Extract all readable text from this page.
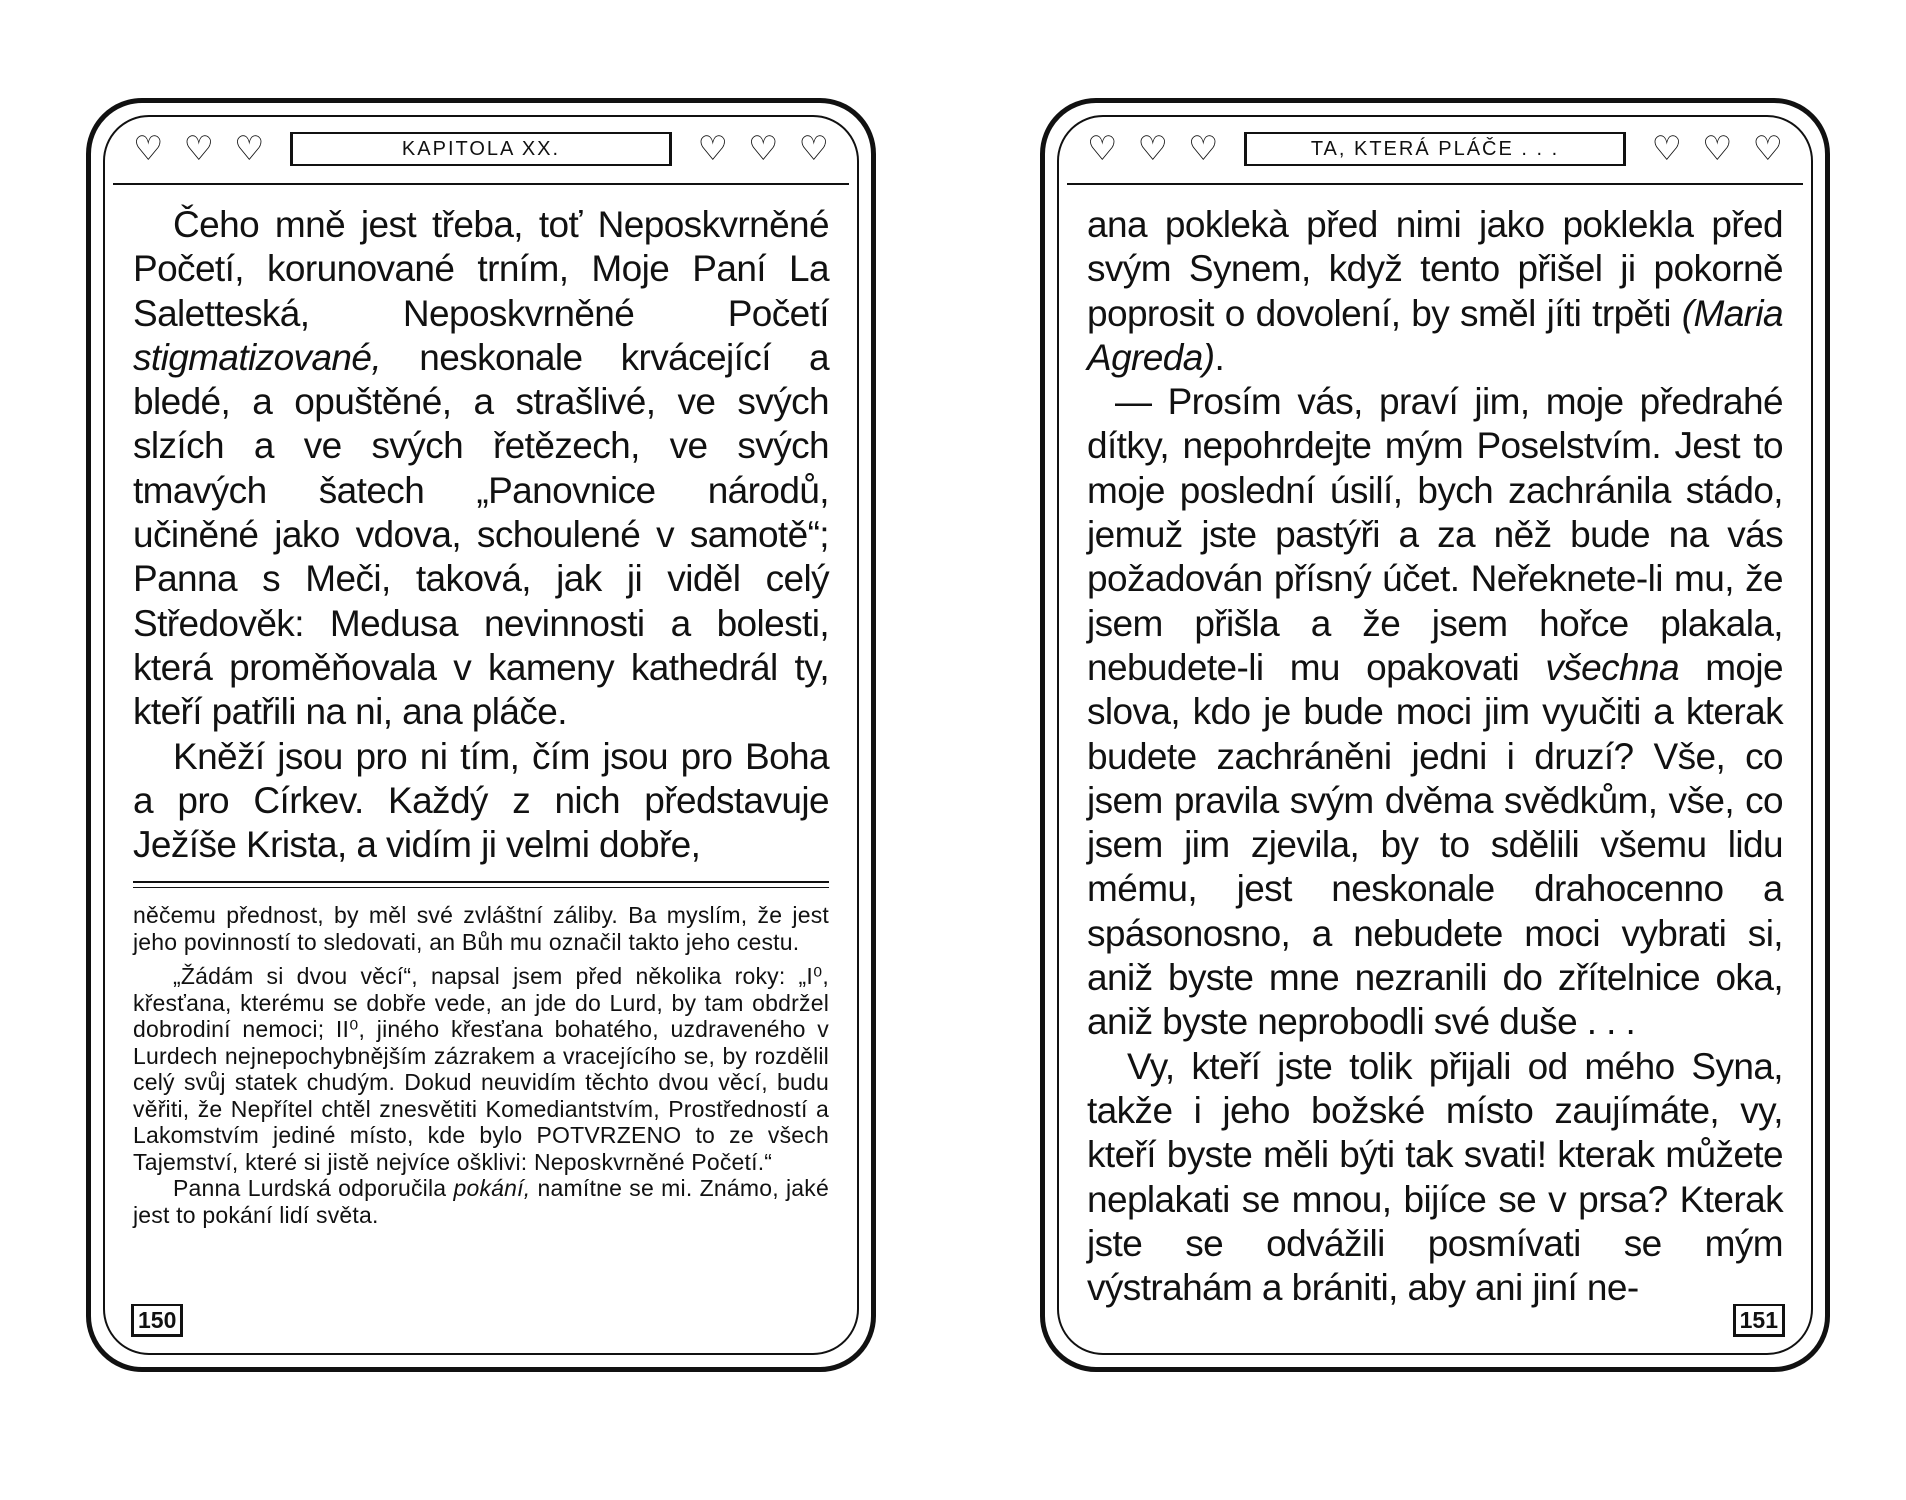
♡ ♡ ♡	KAPITOLA XX.	♡ ♡ ♡

Čeho mně jest třeba, toť Neposkvrněné Početí, korunované trním, Moje Paní La Saletteská, Neposkvrněné Početí stigmatizované, neskonale krvácející a bledé, a opuštěné, a strašlivé, ve svých slzích a ve svých řetězech, ve svých tmavých šatech „Panovnice národů, učiněné jako vdova, schoulené v samotě“; Panna s Meči, taková, jak ji viděl celý Středověk: Medusa nevinnosti a bolesti, která proměňovala v kameny kathedrál ty, kteří patřili na ni, ana pláče.

Kněží jsou pro ni tím, čím jsou pro Boha a pro Církev. Každý z nich představuje Ježíše Krista, a vidím ji velmi dobře,

něčemu přednost, by měl své zvláštní záliby. Ba myslím, že jest jeho povinností to sledovati, an Bůh mu označil takto jeho cestu.

„Žádám si dvou věcí“, napsal jsem před několika roky: „I⁰, křesťana, kterému se dobře vede, an jde do Lurd, by tam obdržel dobrodiní nemoci; II⁰, jiného křesťana bohatého, uzdraveného v Lurdech nejnepochybnějším zázrakem a vracejícího se, by rozdělil celý svůj statek chudým. Dokud neuvidím těchto dvou věcí, budu věřiti, že Nepřítel chtěl znesvětiti Komediantstvím, Prostředností a Lakomstvím jediné místo, kde bylo POTVRZENO to ze všech Tajemství, které si jistě nejvíce ošklivi: Neposkvrněné Početí.“

Panna Lurdská odporučila pokání, namítne se mi. Známo, jaké jest to pokání lidí světa.

150
♡ ♡ ♡	TA, KTERÁ PLÁČE . . .	♡ ♡ ♡

ana poklekà před nimi jako poklekla před svým Synem, když tento přišel ji pokorně poprosit o dovolení, by směl jíti trpěti (Maria Agreda).

— Prosím vás, praví jim, moje předrahé dítky, nepohrdejte mým Poselstvím. Jest to moje poslední úsilí, bych zachránila stádo, jemuž jste pastýři a za něž bude na vás požadován přísný účet. Neřeknete-li mu, že jsem přišla a že jsem hořce plakala, nebudete-li mu opakovati všechna moje slova, kdo je bude moci jim vyučiti a kterak budete zachráněni jedni i druzí? Vše, co jsem pravila svým dvěma svědkům, vše, co jsem jim zjevila, by to sdělili všemu lidu mému, jest neskonale drahocenno a spásonosno, a nebudete moci vybrati si, aniž byste mne nezranili do zřítelnice oka, aniž byste neprobodli své duše . . .

Vy, kteří jste tolik přijali od mého Syna, takže i jeho božské místo zaujímáte, vy, kteří byste měli býti tak svati! kterak můžete neplakati se mnou, bijíce se v prsa? Kterak jste se odvážili posmívati se mým výstrahám a brániti, aby ani jiní ne-

151
